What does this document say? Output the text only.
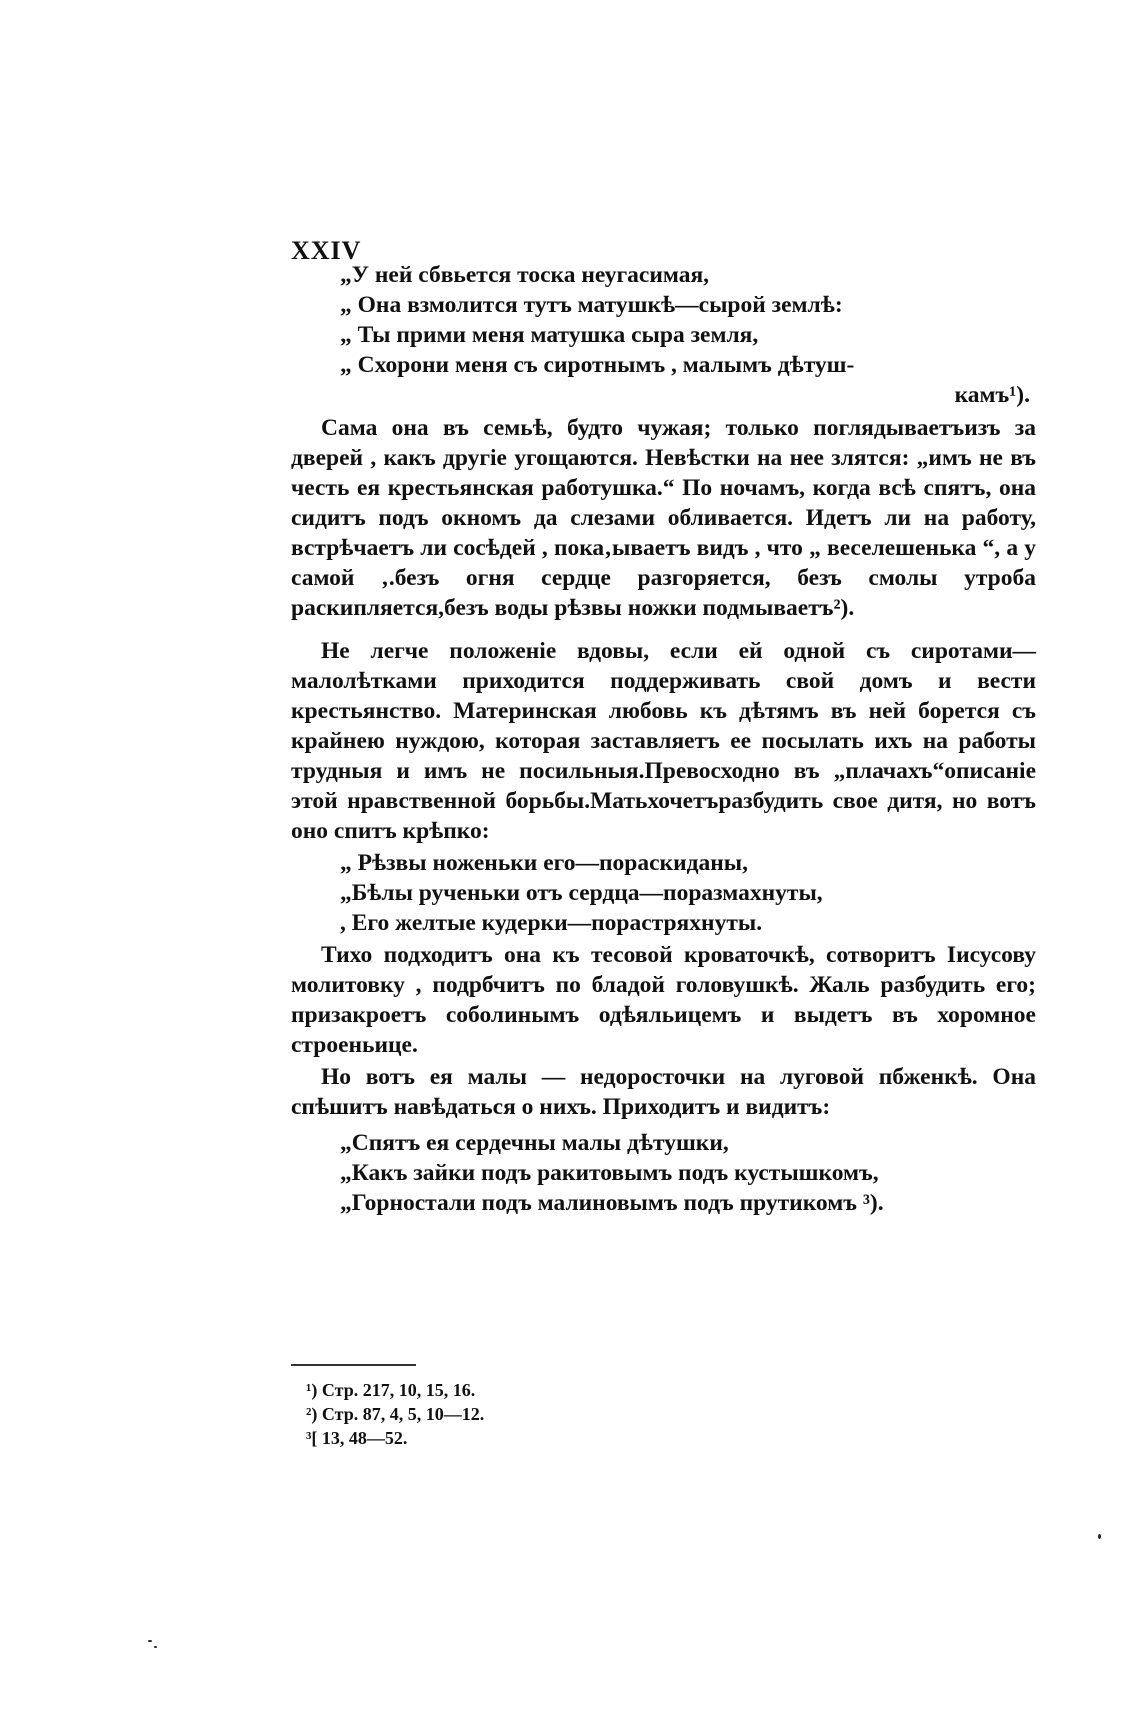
XXIV
„У ней сбвьется тоска неугасимая,
„ Она взмолится тутъ матушкѣ—сырой землѣ:
„ Ты прими меня матушка сыра земля,
„ Схорони меня съ сиротнымъ , малымъ дѣтуш-
камъ¹).

Сама она въ семьѣ, будто чужая; только поглядываетъизъ за дверей , какъ другіе угощаются. Невѣстки на нее злятся: „имъ не въ честь ея крестьянская работушка.“ По ночамъ, когда всѣ спятъ, она сидитъ подъ окномъ да слезами обливается. Идетъ ли на работу, встрѣчаетъ ли сосѣдей , пока‚ываетъ видъ , что „ веселешенька “, а у самой ‚.безъ огня сердце разгоряется, безъ смолы утроба раскипляется,безъ воды рѣзвы ножки подмываетъ²).

Не легче положеніе вдовы, если ей одной съ сиротами—малолѣтками приходится поддерживать свой домъ и вести крестьянство. Материнская любовь къ дѣтямъ въ ней борется съ крайнею нуждою, которая заставляетъ ее посылать ихъ на работы трудныя и имъ не посильныя.Превосходно въ „плачахъ“описаніе этой нравственной борьбы.Матьхочетъразбудить свое дитя, но вотъ оно спитъ крѣпко:

„ Рѣзвы ноженьки его—пораскиданы,
„Бѣлы рученьки отъ сердца—поразмахнуты,
, Его желтые кудерки—порастряхнуты.

Тихо подходитъ она къ тесовой кроваточкѣ, сотворитъ Іисусову молитовку , подрбчитъ по бладой головушкѣ. Жаль разбудить его; призакроетъ соболинымъ одѣяльицемъ и выдетъ въ хоромное строеньице.

Но вотъ ея малы — недоросточки на луговой пбженкѣ. Она спѣшитъ навѣдаться о нихъ. Приходитъ и видитъ:

„Спятъ ея сердечны малы дѣтушки,
„Какъ зайки подъ ракитовымъ подъ кустышкомъ,
„Горностали подъ малиновымъ подъ прутикомъ ³).
¹) Стр. 217, 10, 15, 16.
²) Стр. 87, 4, 5, 10—12.
³[ 13, 48—52.
